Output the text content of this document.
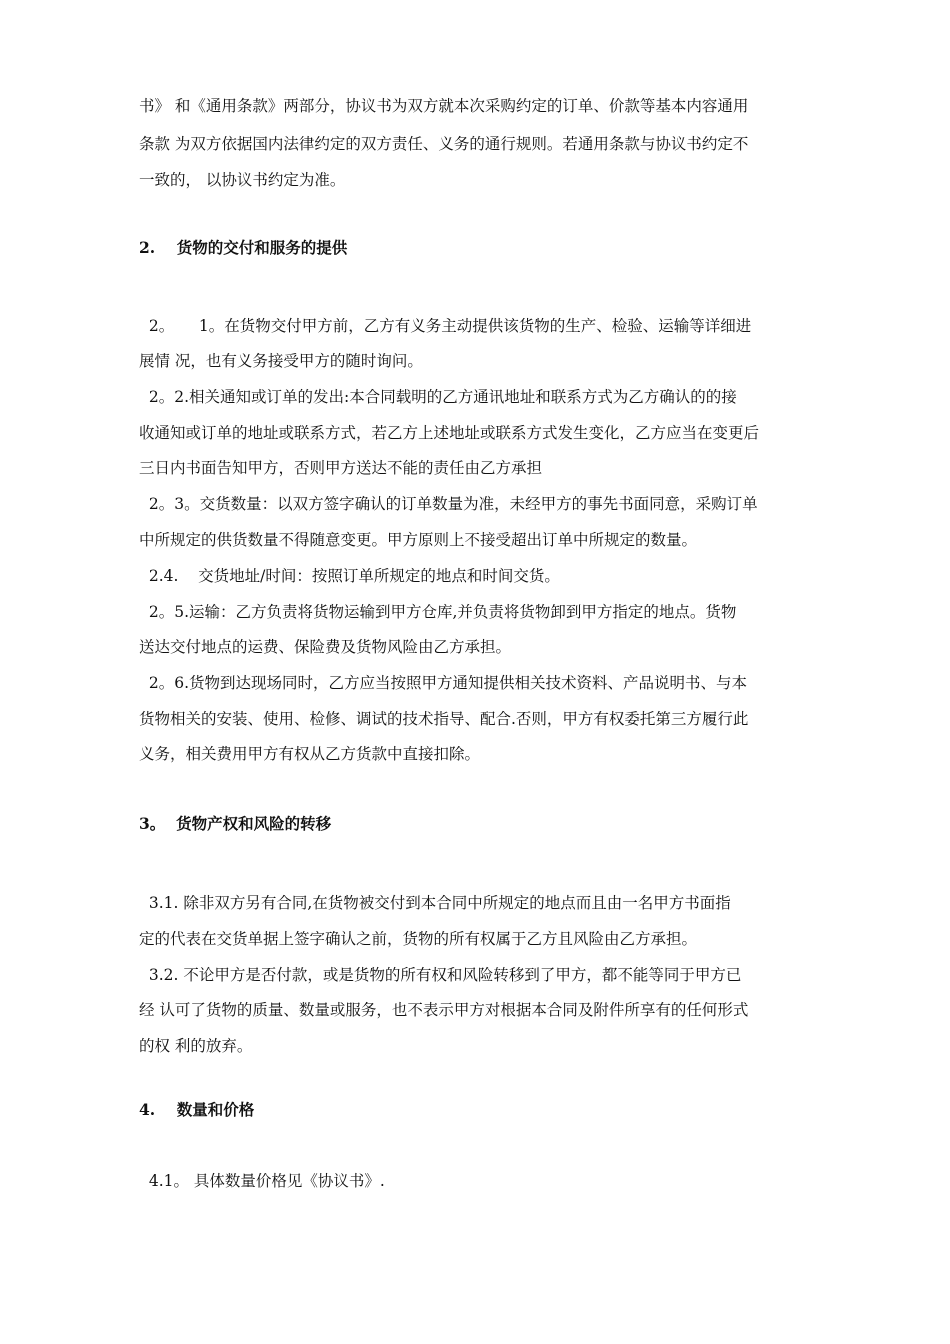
书》 和《通用条款》两部分，协议书为双方就本次采购约定的订单、价款等基本内容通用
条款 为双方依据国内法律约定的双方责任、义务的通行规则。若通用条款与协议书约定不
一致的， 以协议书约定为准。
2.    货物的交付和服务的提供
2。     1。在货物交付甲方前，乙方有义务主动提供该货物的生产、检验、运输等详细进
展情 况，也有义务接受甲方的随时询问。
2。2.相关通知或订单的发出:本合同载明的乙方通讯地址和联系方式为乙方确认的的接
收通知或订单的地址或联系方式，若乙方上述地址或联系方式发生变化，乙方应当在变更后
三日内书面告知甲方，否则甲方送达不能的责任由乙方承担
2。3。交货数量：以双方签字确认的订单数量为准，未经甲方的事先书面同意，采购订单
中所规定的供货数量不得随意变更。甲方原则上不接受超出订单中所规定的数量。
2.4.    交货地址/时间：按照订单所规定的地点和时间交货。
2。5.运输：乙方负责将货物运输到甲方仓库,并负责将货物卸到甲方指定的地点。货物
送达交付地点的运费、保险费及货物风险由乙方承担。
2。6.货物到达现场同时，乙方应当按照甲方通知提供相关技术资料、产品说明书、与本
货物相关的安装、使用、检修、调试的技术指导、配合.否则，甲方有权委托第三方履行此
义务，相关费用甲方有权从乙方货款中直接扣除。
3。  货物产权和风险的转移
3.1. 除非双方另有合同,在货物被交付到本合同中所规定的地点而且由一名甲方书面指
定的代表在交货单据上签字确认之前，货物的所有权属于乙方且风险由乙方承担。
3.2. 不论甲方是否付款，或是货物的所有权和风险转移到了甲方，都不能等同于甲方已
经 认可了货物的质量、数量或服务，也不表示甲方对根据本合同及附件所享有的任何形式
的权 利的放弃。
4.    数量和价格
4.1。 具体数量价格见《协议书》.
